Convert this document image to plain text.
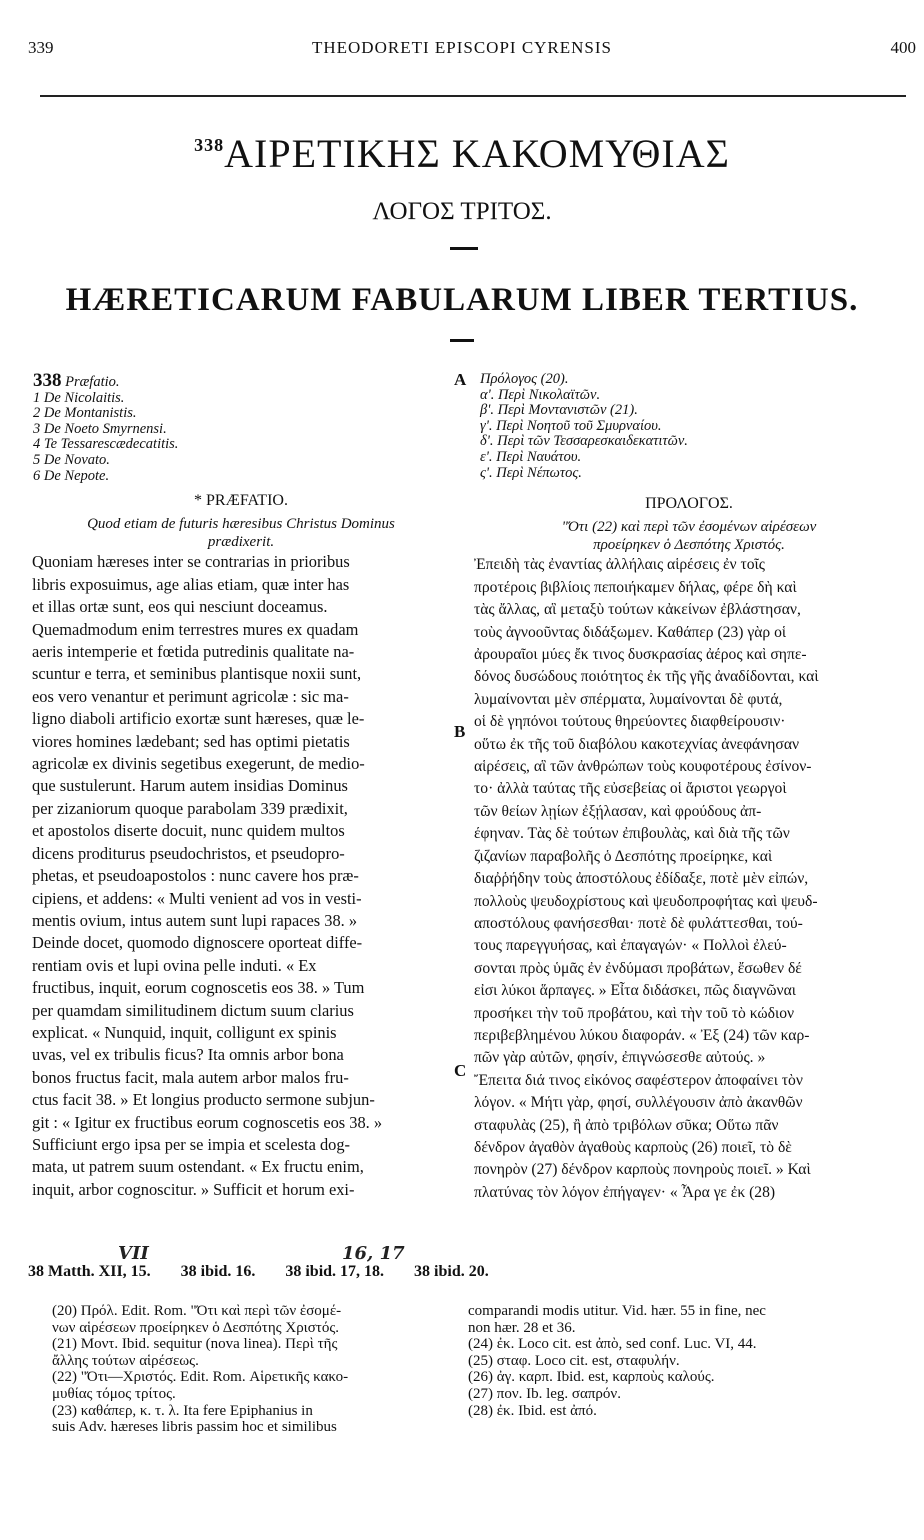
339	THEODORETI EPISCOPI CYRENSIS	400
$^{338}$ΑΙΡΕΤΙΚΗΣ ΚΑΚΟΜΥΘΙΑΣ
ΛΟΓΟΣ ΤΡΙΤΟΣ.
HÆRETICARUM FABULARUM LIBER TERTIUS.
A
B
C
338 Præfatio.
1 De Nicolaitis.
2 De Montanistis.
3 De Noeto Smyrnensi.
4 Te Tessarescædecatitis.
5 De Novato.
6 De Nepote.
Πρόλογος (20).
α'. Περὶ Νικολαϊτῶν.
β'. Περὶ Μοντανιστῶν (21).
γ'. Περὶ Νοητοῦ τοῦ Σμυρναίου.
δ'. Περὶ τῶν Τεσσαρεσκαιδεκατιτῶν.
ε'. Περὶ Ναυάτου.
ς'. Περὶ Νέπωτος.
* PRÆFATIO.
Quod etiam de futuris hæresibus Christus Dominus
prædixerit.
Quoniam hæreses inter se contrarias in prioribus
libris exposuimus, age alias etiam, quæ inter has
et illas ortæ sunt, eos qui nesciunt doceamus.
Quemadmodum enim terrestres mures ex quadam
aeris intemperie et fœtida putredinis qualitate na-
scuntur e terra, et seminibus plantisque noxii sunt,
eos vero venantur et perimunt agricolæ : sic ma-
ligno diaboli artificio exortæ sunt hæreses, quæ le-
viores homines lædebant; sed has optimi pietatis
agricolæ ex divinis segetibus exegerunt, de medio-
que sustulerunt. Harum autem insidias Dominus
per zizaniorum quoque parabolam 339 prædixit,
et apostolos diserte docuit, nunc quidem multos
dicens proditurus pseudochristos, et pseudopro-
phetas, et pseudoapostolos : nunc cavere hos præ-
cipiens, et addens: « Multi venient ad vos in vesti-
mentis ovium, intus autem sunt lupi rapaces 38. »
Deinde docet, quomodo dignoscere oporteat diffe-
rentiam ovis et lupi ovina pelle induti. « Ex
fructibus, inquit, eorum cognoscetis eos 38. » Tum
per quamdam similitudinem dictum suum clarius
explicat. « Nunquid, inquit, colligunt ex spinis
uvas, vel ex tribulis ficus? Ita omnis arbor bona
bonos fructus facit, mala autem arbor malos fru-
ctus facit 38. » Et longius producto sermone subjun-
git : « Igitur ex fructibus eorum cognoscetis eos 38. »
Sufficiunt ergo ipsa per se impia et scelesta dog-
mata, ut patrem suum ostendant. « Ex fructu enim,
inquit, arbor cognoscitur. » Sufficit et horum exi-
ΠΡΟΛΟΓΟΣ.
"Ότι (22) καὶ περὶ τῶν ἐσομένων αἱρέσεων
προείρηκεν ὁ Δεσπότης Χριστός.
Ἐπειδὴ τὰς ἐναντίας ἀλλήλαις αἱρέσεις ἐν τοῖς
προτέροις βιβλίοις πεποιήκαμεν δήλας, φέρε δὴ καὶ
τὰς ἄλλας, αἳ μεταξὺ τούτων κἀκείνων ἐβλάστησαν,
τοὺς ἀγνοοῦντας διδάξωμεν. Καθάπερ (23) γὰρ οἱ
ἀρουραῖοι μύες ἔκ τινος δυσκρασίας ἀέρος καὶ σηπε-
δόνος δυσώδους ποιότητος ἐκ τῆς γῆς ἀναδίδονται, καὶ
λυμαίνονται μὲν σπέρματα, λυμαίνονται δὲ φυτά,
οἱ δὲ γηπόνοι τούτους θηρεύοντες διαφθείρουσιν·
οὕτω ἐκ τῆς τοῦ διαβόλου κακοτεχνίας ἀνεφάνησαν
αἱρέσεις, αἳ τῶν ἀνθρώπων τοὺς κουφοτέρους ἐσίνον-
το· ἀλλὰ ταύτας τῆς εὐσεβείας οἱ ἄριστοι γεωργοὶ
τῶν θείων λῃίων ἐξῄλασαν, καὶ φρούδους ἀπ-
έφηναν. Τὰς δὲ τούτων ἐπιβουλὰς, καὶ διὰ τῆς τῶν
ζιζανίων παραβολῆς ὁ Δεσπότης προείρηκε, καὶ
διαῤῥήδην τοὺς ἀποστόλους ἐδίδαξε, ποτὲ μὲν εἰπών,
πολλοὺς ψευδοχρίστους καὶ ψευδοπροφήτας καὶ ψευδ-
αποστόλους φανήσεσθαι· ποτὲ δὲ φυλάττεσθαι, τού-
τους παρεγγυήσας, καὶ ἐπαγαγών· « Πολλοὶ ἐλεύ-
σονται πρὸς ὑμᾶς ἐν ἐνδύμασι προβάτων, ἔσωθεν δέ
εἰσι λύκοι ἅρπαγες. » Εἶτα διδάσκει, πῶς διαγνῶναι
προσήκει τὴν τοῦ προβάτου, καὶ τὴν τοῦ τὸ κώδιον
περιβεβλημένου λύκου διαφοράν. « Ἐξ (24) τῶν καρ-
πῶν γὰρ αὐτῶν, φησίν, ἐπιγνώσεσθε αὐτούς. »
Ἔπειτα διά τινος εἰκόνος σαφέστερον ἀποφαίνει τὸν
λόγον. « Μήτι γὰρ, φησί, συλλέγουσιν ἀπὸ ἀκανθῶν
σταφυλὰς (25), ἢ ἀπὸ τριβόλων σῦκα; Οὕτω πᾶν
δένδρον ἀγαθὸν ἀγαθοὺς καρποὺς (26) ποιεῖ, τὸ δὲ
πονηρὸν (27) δένδρον καρποὺς πονηροὺς ποιεῖ. » Καὶ
πλατύνας τὸν λόγον ἐπήγαγεν· « Ἆρα γε ἐκ (28)
VII	16, 17
38 Matth. XII, 15. 38 ibid. 16. 38 ibid. 17, 18. 38 ibid. 20.
(20) Πρόλ. Edit. Rom. "Ότι καὶ περὶ τῶν ἐσομέ-
νων αἱρέσεων προείρηκεν ὁ Δεσπότης Χριστός.
(21) Μοντ. Ibid. sequitur (nova linea). Περὶ τῆς
ἄλλης τούτων αἱρέσεως.
(22) "Ότι—Χριστός. Edit. Rom. Αἱρετικῆς κακο-
μυθίας τόμος τρίτος.
(23) καθάπερ, κ. τ. λ. Ita fere Epiphanius in
suis Adv. hæreses libris passim hoc et similibus
comparandi modis utitur. Vid. hær. 55 in fine, nec
non hær. 28 et 36.
(24) ἐκ. Loco cit. est ἀπὸ, sed conf. Luc. VI, 44.
(25) σταφ. Loco cit. est, σταφυλήν.
(26) ἀγ. καρπ. Ibid. est, καρποὺς καλούς.
(27) πον. Ib. leg. σαπρόν.
(28) ἐκ. Ibid. est ἀπό.
